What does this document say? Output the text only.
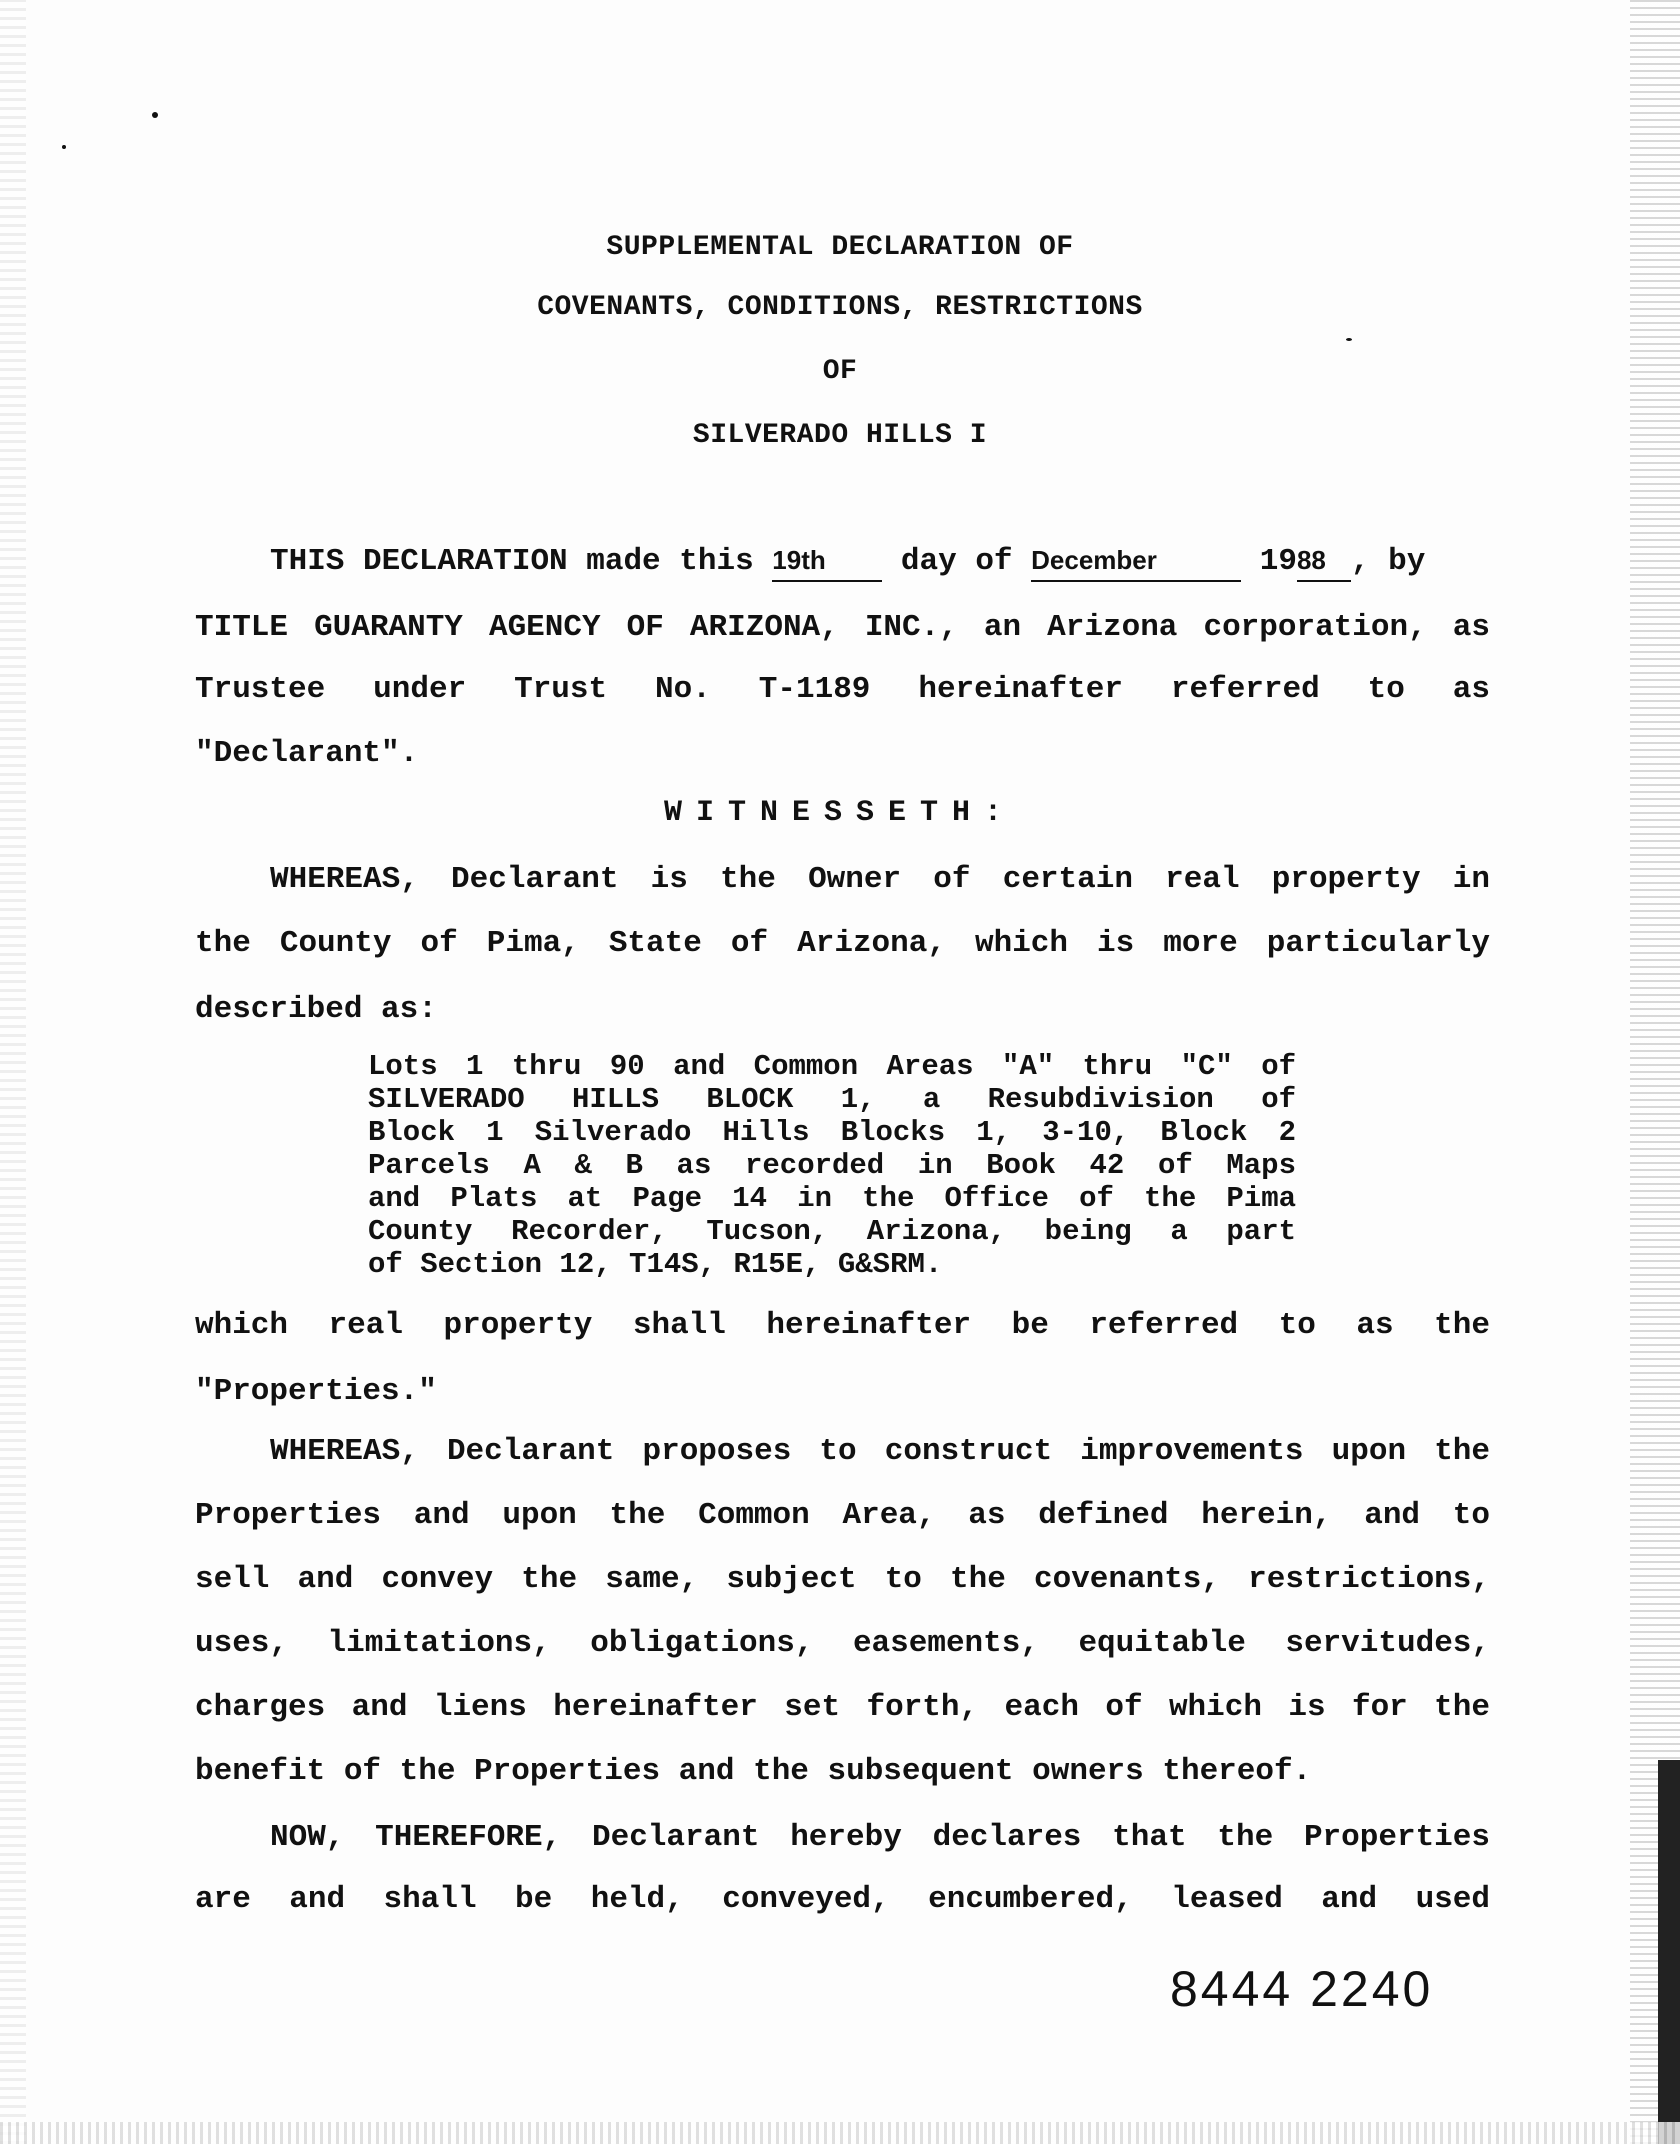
SUPPLEMENTAL DECLARATION OF
COVENANTS, CONDITIONS, RESTRICTIONS
OF
SILVERADO HILLS I
THIS DECLARATION made this 19th day of December	1988 , by
TITLE GUARANTY AGENCY OF ARIZONA, INC., an Arizona corporation, as
Trustee under Trust No. T-1189 hereinafter referred to as
"Declarant".
WITNESSETH:
WHEREAS, Declarant is the Owner of certain real property in
the County of Pima, State of Arizona, which is more particularly
described as:
Lots 1 thru 90 and Common Areas "A" thru "C" of
SILVERADO HILLS BLOCK 1, a Resubdivision of
Block 1 Silverado Hills Blocks 1, 3-10, Block 2
Parcels A & B as recorded in Book 42 of Maps
and Plats at Page 14 in the Office of the Pima
County Recorder, Tucson, Arizona, being a part
of Section 12, T14S, R15E, G&SRM.
which real property shall hereinafter be referred to as the
"Properties."
WHEREAS, Declarant proposes to construct improvements upon the
Properties and upon the Common Area, as defined herein, and to
sell and convey the same, subject to the covenants, restrictions,
uses, limitations, obligations, easements, equitable servitudes,
charges and liens hereinafter set forth, each of which is for the
benefit of the Properties and the subsequent owners thereof.
NOW, THEREFORE, Declarant hereby declares that the Properties
are and shall be held, conveyed, encumbered, leased and used
8444 2240
